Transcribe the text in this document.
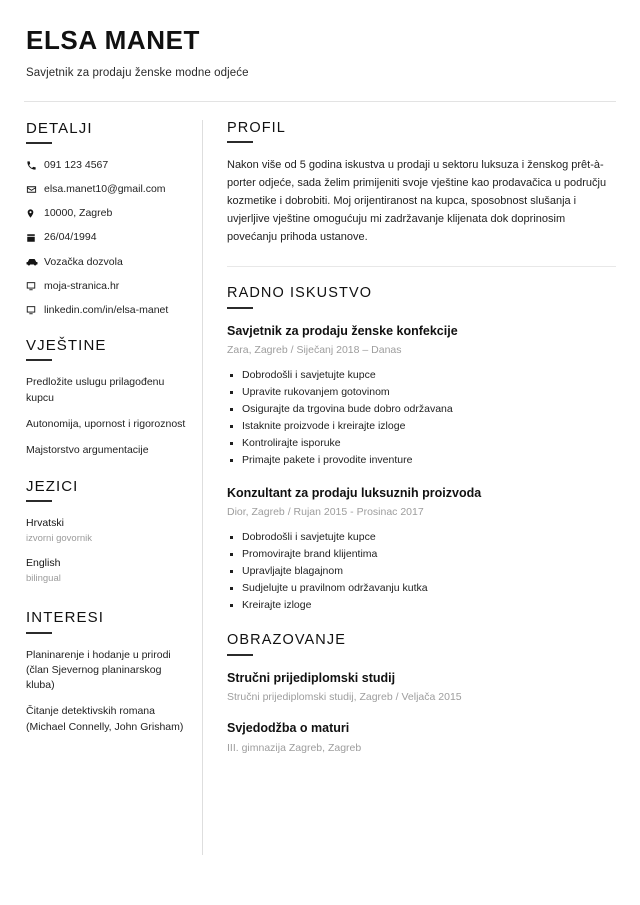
ELSA MANET
Savjetnik za prodaju ženske modne odjeće
DETALJI
091 123 4567
elsa.manet10@gmail.com
10000, Zagreb
26/04/1994
Vozačka dozvola
moja-stranica.hr
linkedin.com/in/elsa-manet
VJEŠTINE
Predložite uslugu prilagođenu kupcu
Autonomija, upornost i rigoroznost
Majstorstvo argumentacije
JEZICI
Hrvatski
izvorni govornik
English
bilingual
INTERESI
Planinarenje i hodanje u prirodi (član Sjevernog planinarskog kluba)
Čitanje detektivskih romana (Michael Connelly, John Grisham)
PROFIL
Nakon više od 5 godina iskustva u prodaji u sektoru luksuza i ženskog prêt-à-porter odjeće, sada želim primijeniti svoje vještine kao prodavačica u području kozmetike i dobrobiti. Moj orijentiranost na kupca, sposobnost slušanja i uvjerljive vještine omogućuju mi zadržavanje klijenata dok doprinosim povećanju prihoda ustanove.
RADNO ISKUSTVO
Savjetnik za prodaju ženske konfekcije
Zara, Zagreb / Siječanj 2018 – Danas
Dobrodošli i savjetujte kupce
Upravite rukovanjem gotovinom
Osigurajte da trgovina bude dobro održavana
Istaknite proizvode i kreirajte izloge
Kontrolirajte isporuke
Primajte pakete i provodite inventure
Konzultant za prodaju luksuznih proizvoda
Dior, Zagreb / Rujan 2015 - Prosinac 2017
Dobrodošli i savjetujte kupce
Promovirajte brand klijentima
Upravljajte blagajnom
Sudjelujte u pravilnom održavanju kutka
Kreirajte izloge
OBRAZOVANJE
Stručni prijediplomski studij
Stručni prijediplomski studij, Zagreb / Veljača 2015
Svjedodžba o maturi
III. gimnazija Zagreb, Zagreb
